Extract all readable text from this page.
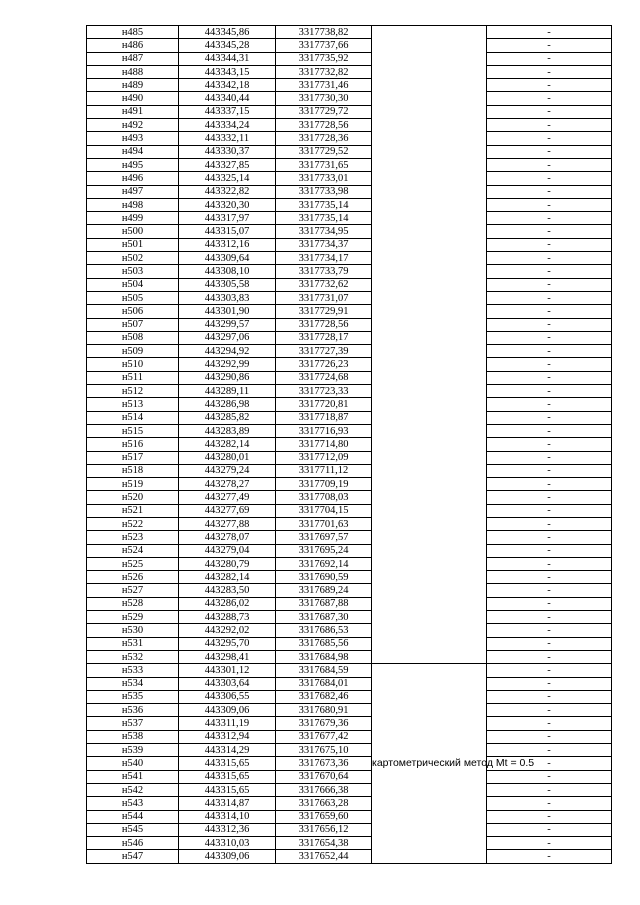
н485	443345,86	3317738,82		-
н486	443345,28	3317737,66		-
н487	443344,31	3317735,92		-
н488	443343,15	3317732,82		-
н489	443342,18	3317731,46		-
н490	443340,44	3317730,30		-
н491	443337,15	3317729,72		-
н492	443334,24	3317728,56		-
н493	443332,11	3317728,36		-
н494	443330,37	3317729,52		-
н495	443327,85	3317731,65		-
н496	443325,14	3317733,01		-
н497	443322,82	3317733,98		-
н498	443320,30	3317735,14		-
н499	443317,97	3317735,14		-
н500	443315,07	3317734,95		-
н501	443312,16	3317734,37		-
н502	443309,64	3317734,17		-
н503	443308,10	3317733,79		-
н504	443305,58	3317732,62		-
н505	443303,83	3317731,07		-
н506	443301,90	3317729,91		-
н507	443299,57	3317728,56		-
н508	443297,06	3317728,17		-
н509	443294,92	3317727,39		-
н510	443292,99	3317726,23		-
н511	443290,86	3317724,68		-
н512	443289,11	3317723,33		-
н513	443286,98	3317720,81		-
н514	443285,82	3317718,87		-
н515	443283,89	3317716,93		-
н516	443282,14	3317714,80		-
н517	443280,01	3317712,09		-
н518	443279,24	3317711,12		-
н519	443278,27	3317709,19		-
н520	443277,49	3317708,03		-
н521	443277,69	3317704,15		-
н522	443277,88	3317701,63		-
н523	443278,07	3317697,57		-
н524	443279,04	3317695,24		-
н525	443280,79	3317692,14		-
н526	443282,14	3317690,59		-
н527	443283,50	3317689,24		-
н528	443286,02	3317687,88		-
н529	443288,73	3317687,30		-
н530	443292,02	3317686,53		-
н531	443295,70	3317685,56		-
н532	443298,41	3317684,98		-
н533	443301,12	3317684,59	картометрический метод Mt = 0.5	-
н534	443303,64	3317684,01		-
н535	443306,55	3317682,46		-
н536	443309,06	3317680,91		-
н537	443311,19	3317679,36		-
н538	443312,94	3317677,42		-
н539	443314,29	3317675,10		-
н540	443315,65	3317673,36		-
н541	443315,65	3317670,64		-
н542	443315,65	3317666,38		-
н543	443314,87	3317663,28		-
н544	443314,10	3317659,60		-
н545	443312,36	3317656,12		-
н546	443310,03	3317654,38		-
н547	443309,06	3317652,44		-
